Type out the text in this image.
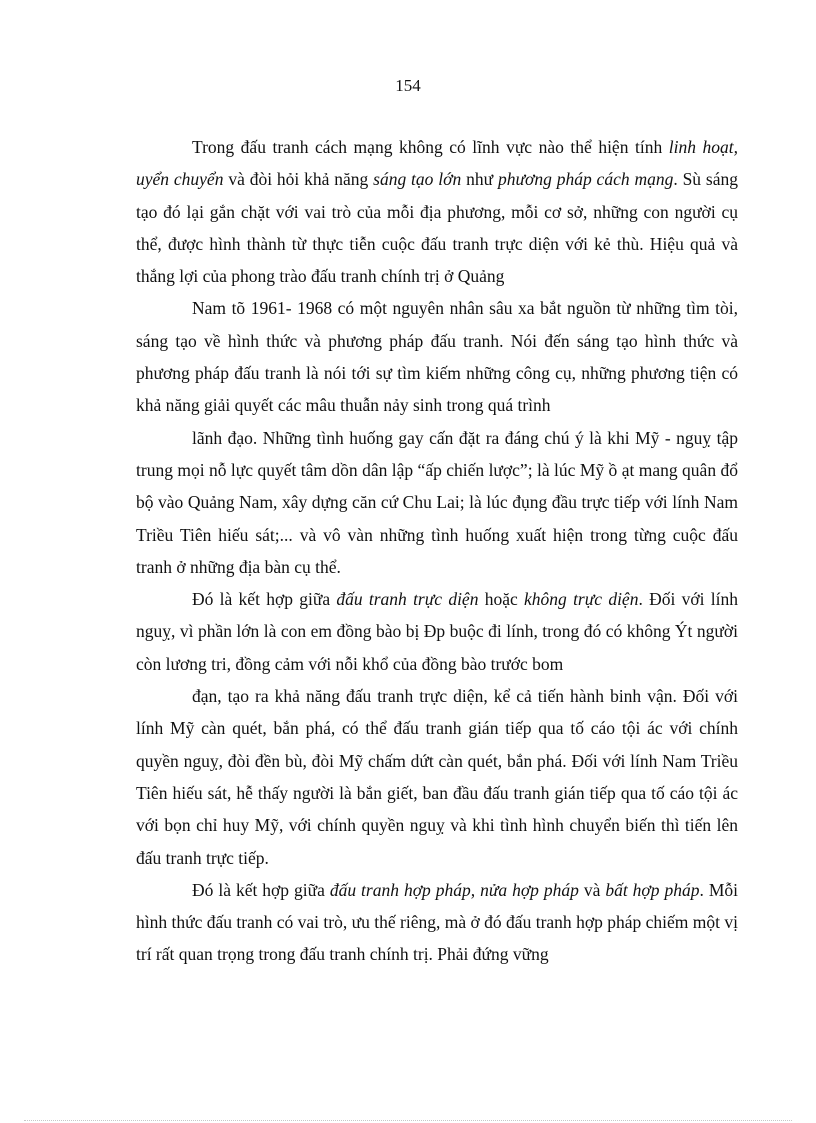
154

Trong đấu tranh cách mạng không có lĩnh vực nào thể hiện tính linh hoạt, uyển chuyển và đòi hỏi khả năng sáng tạo lớn như phương pháp cách mạng. Sù sáng tạo đó lại gắn chặt với vai trò của mỗi địa phương, mỗi cơ sở, những con người cụ thể, được hình thành từ thực tiễn cuộc đấu tranh trực diện với kẻ thù. Hiệu quả và thắng lợi của phong trào đấu tranh chính trị ở Quảng

Nam tõ 1961- 1968 có một nguyên nhân sâu xa bắt nguồn từ những tìm tòi, sáng tạo về hình thức và phương pháp đấu tranh. Nói đến sáng tạo hình thức và phương pháp đấu tranh là nói tới sự tìm kiếm những công cụ, những phương tiện có khả năng giải quyết các mâu thuẫn nảy sinh trong quá trình

lãnh đạo. Những tình huống gay cấn đặt ra đáng chú ý là khi Mỹ - nguỵ tập trung mọi nỗ lực quyết tâm dồn dân lập “ấp chiến lược”; là lúc Mỹ ồ ạt mang quân đổ bộ vào Quảng Nam, xây dựng căn cứ Chu Lai; là lúc đụng đầu trực tiếp với lính Nam Triều Tiên hiếu sát;... và vô vàn những tình huống xuất hiện trong từng cuộc đấu tranh ở những địa bàn cụ thể.

Đó là kết hợp giữa đấu tranh trực diện hoặc không trực diện. Đối với lính nguỵ, vì phần lớn là con em đồng bào bị Đp buộc đi lính, trong đó có không Ýt người còn lương tri, đồng cảm với nỗi khổ của đồng bào trước bom

đạn, tạo ra khả năng đấu tranh trực diện, kể cả tiến hành binh vận. Đối với lính Mỹ càn quét, bắn phá, có thể đấu tranh gián tiếp qua tố cáo tội ác với chính quyền nguỵ, đòi đền bù, đòi Mỹ chấm dứt càn quét, bắn phá. Đối với lính Nam Triều Tiên hiếu sát, hễ thấy người là bắn giết, ban đầu đấu tranh gián tiếp qua tố cáo tội ác với bọn chỉ huy Mỹ, với chính quyền nguỵ và khi tình hình chuyển biến thì tiến lên đấu tranh trực tiếp.

Đó là kết hợp giữa đấu tranh hợp pháp, nửa hợp pháp và bất hợp pháp. Mỗi hình thức đấu tranh có vai trò, ưu thế riêng, mà ở đó đấu tranh hợp pháp chiếm một vị trí rất quan trọng trong đấu tranh chính trị. Phải đứng vững
